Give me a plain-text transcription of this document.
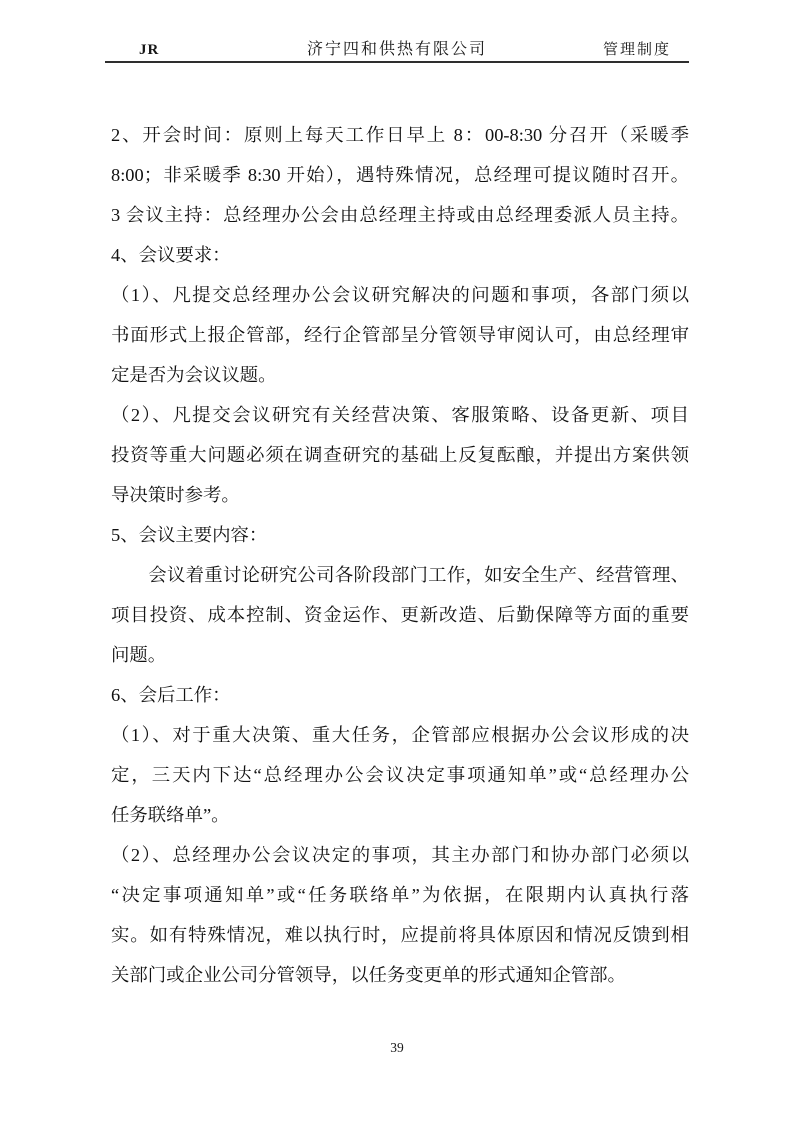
JR	济宁四和供热有限公司	管理制度
2、开会时间：原则上每天工作日早上 8：00-8:30 分召开（采暖季
8:00；非采暖季 8:30 开始），遇特殊情况，总经理可提议随时召开。
3 会议主持：总经理办公会由总经理主持或由总经理委派人员主持。
4、会议要求：
（1）、凡提交总经理办公会议研究解决的问题和事项，各部门须以
书面形式上报企管部，经行企管部呈分管领导审阅认可，由总经理审
定是否为会议议题。
（2）、凡提交会议研究有关经营决策、客服策略、设备更新、项目
投资等重大问题必须在调查研究的基础上反复酝酿，并提出方案供领
导决策时参考。
5、会议主要内容：
　　会议着重讨论研究公司各阶段部门工作，如安全生产、经营管理、
项目投资、成本控制、资金运作、更新改造、后勤保障等方面的重要
问题。
6、会后工作：
（1）、对于重大决策、重大任务，企管部应根据办公会议形成的决
定，三天内下达“总经理办公会议决定事项通知单”或“总经理办公
任务联络单”。
（2）、总经理办公会议决定的事项，其主办部门和协办部门必须以
“决定事项通知单”或“任务联络单”为依据，在限期内认真执行落
实。如有特殊情况，难以执行时，应提前将具体原因和情况反馈到相
关部门或企业公司分管领导，以任务变更单的形式通知企管部。
39
